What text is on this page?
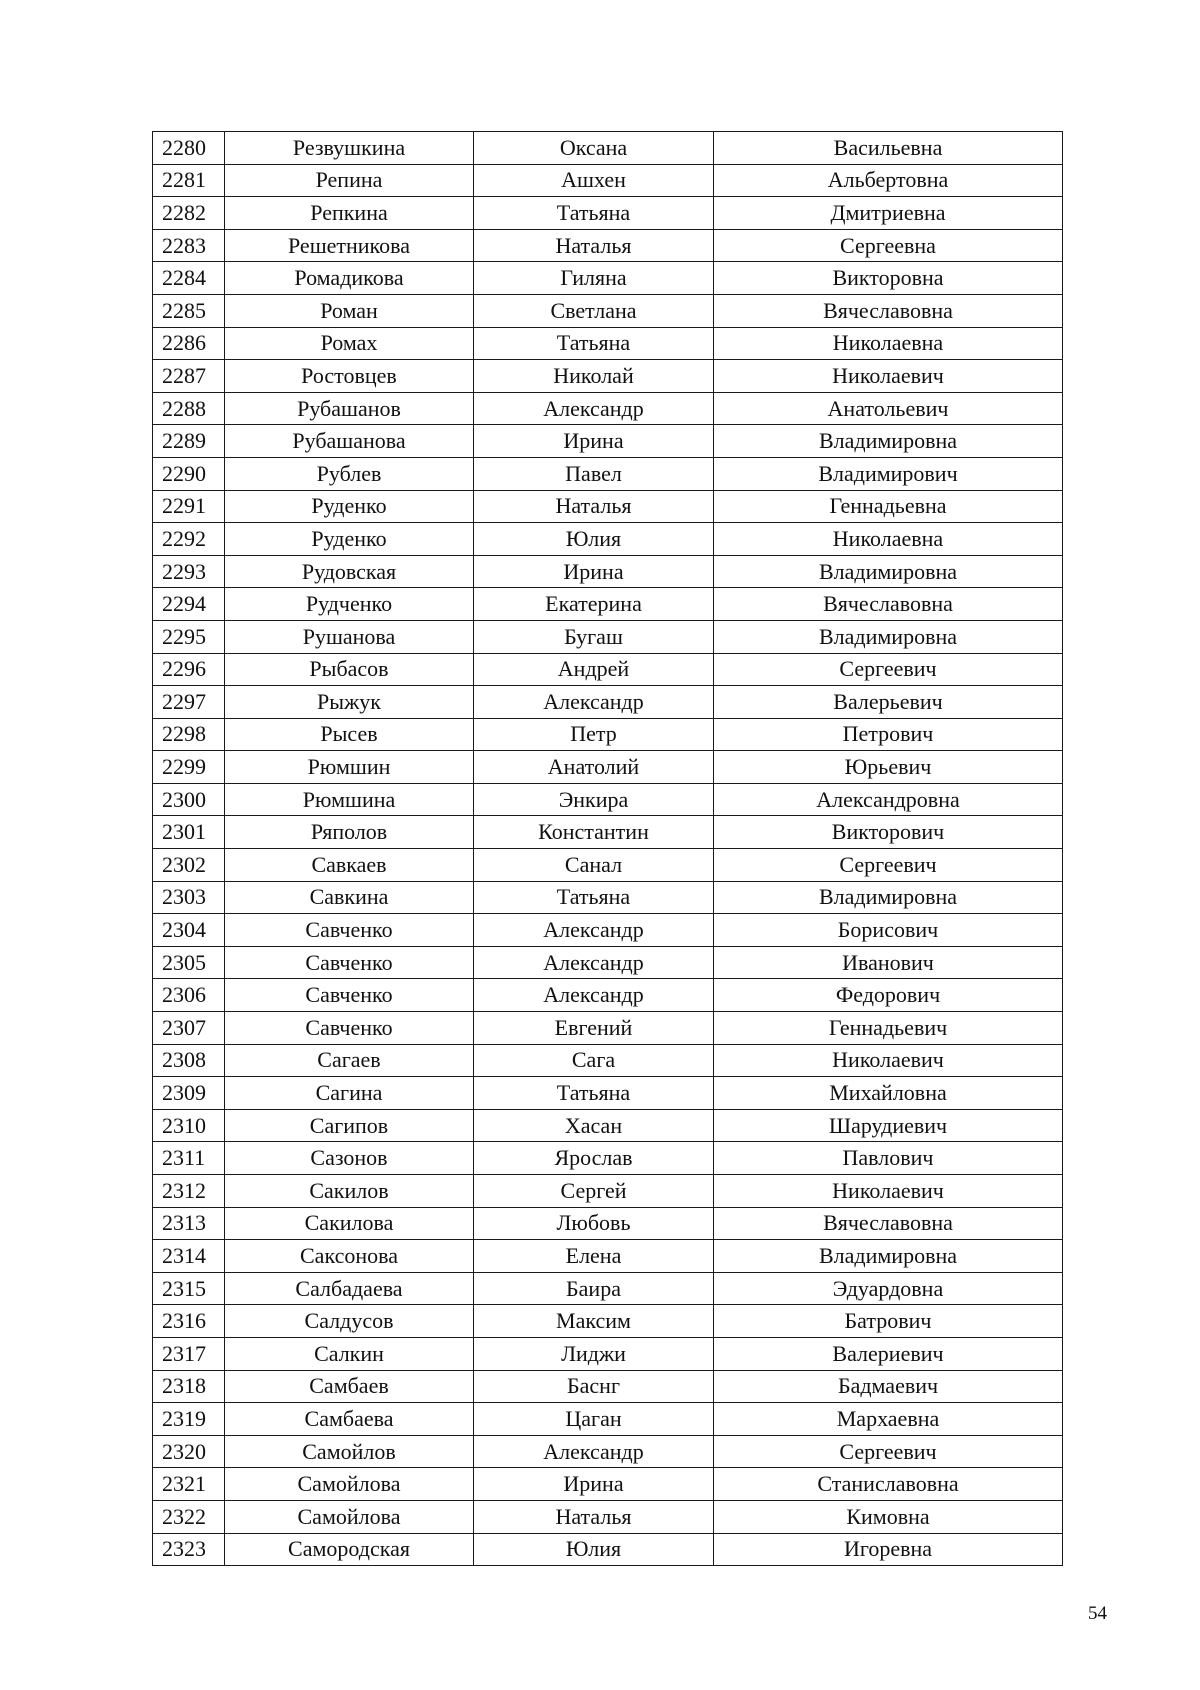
2280	Резвушкина	Оксана	Васильевна
2281	Репина	Ашхен	Альбертовна
2282	Репкина	Татьяна	Дмитриевна
2283	Решетникова	Наталья	Сергеевна
2284	Ромадикова	Гиляна	Викторовна
2285	Роман	Светлана	Вячеславовна
2286	Ромах	Татьяна	Николаевна
2287	Ростовцев	Николай	Николаевич
2288	Рубашанов	Александр	Анатольевич
2289	Рубашанова	Ирина	Владимировна
2290	Рублев	Павел	Владимирович
2291	Руденко	Наталья	Геннадьевна
2292	Руденко	Юлия	Николаевна
2293	Рудовская	Ирина	Владимировна
2294	Рудченко	Екатерина	Вячеславовна
2295	Рушанова	Бугаш	Владимировна
2296	Рыбасов	Андрей	Сергеевич
2297	Рыжук	Александр	Валерьевич
2298	Рысев	Петр	Петрович
2299	Рюмшин	Анатолий	Юрьевич
2300	Рюмшина	Энкира	Александровна
2301	Ряполов	Константин	Викторович
2302	Савкаев	Санал	Сергеевич
2303	Савкина	Татьяна	Владимировна
2304	Савченко	Александр	Борисович
2305	Савченко	Александр	Иванович
2306	Савченко	Александр	Федорович
2307	Савченко	Евгений	Геннадьевич
2308	Сагаев	Сага	Николаевич
2309	Сагина	Татьяна	Михайловна
2310	Сагипов	Хасан	Шарудиевич
2311	Сазонов	Ярослав	Павлович
2312	Сакилов	Сергей	Николаевич
2313	Сакилова	Любовь	Вячеславовна
2314	Саксонова	Елена	Владимировна
2315	Салбадаева	Баира	Эдуардовна
2316	Салдусов	Максим	Батрович
2317	Салкин	Лиджи	Валериевич
2318	Самбаев	Баснг	Бадмаевич
2319	Самбаева	Цаган	Мархаевна
2320	Самойлов	Александр	Сергеевич
2321	Самойлова	Ирина	Станиславовна
2322	Самойлова	Наталья	Кимовна
2323	Самородская	Юлия	Игоревна
54
